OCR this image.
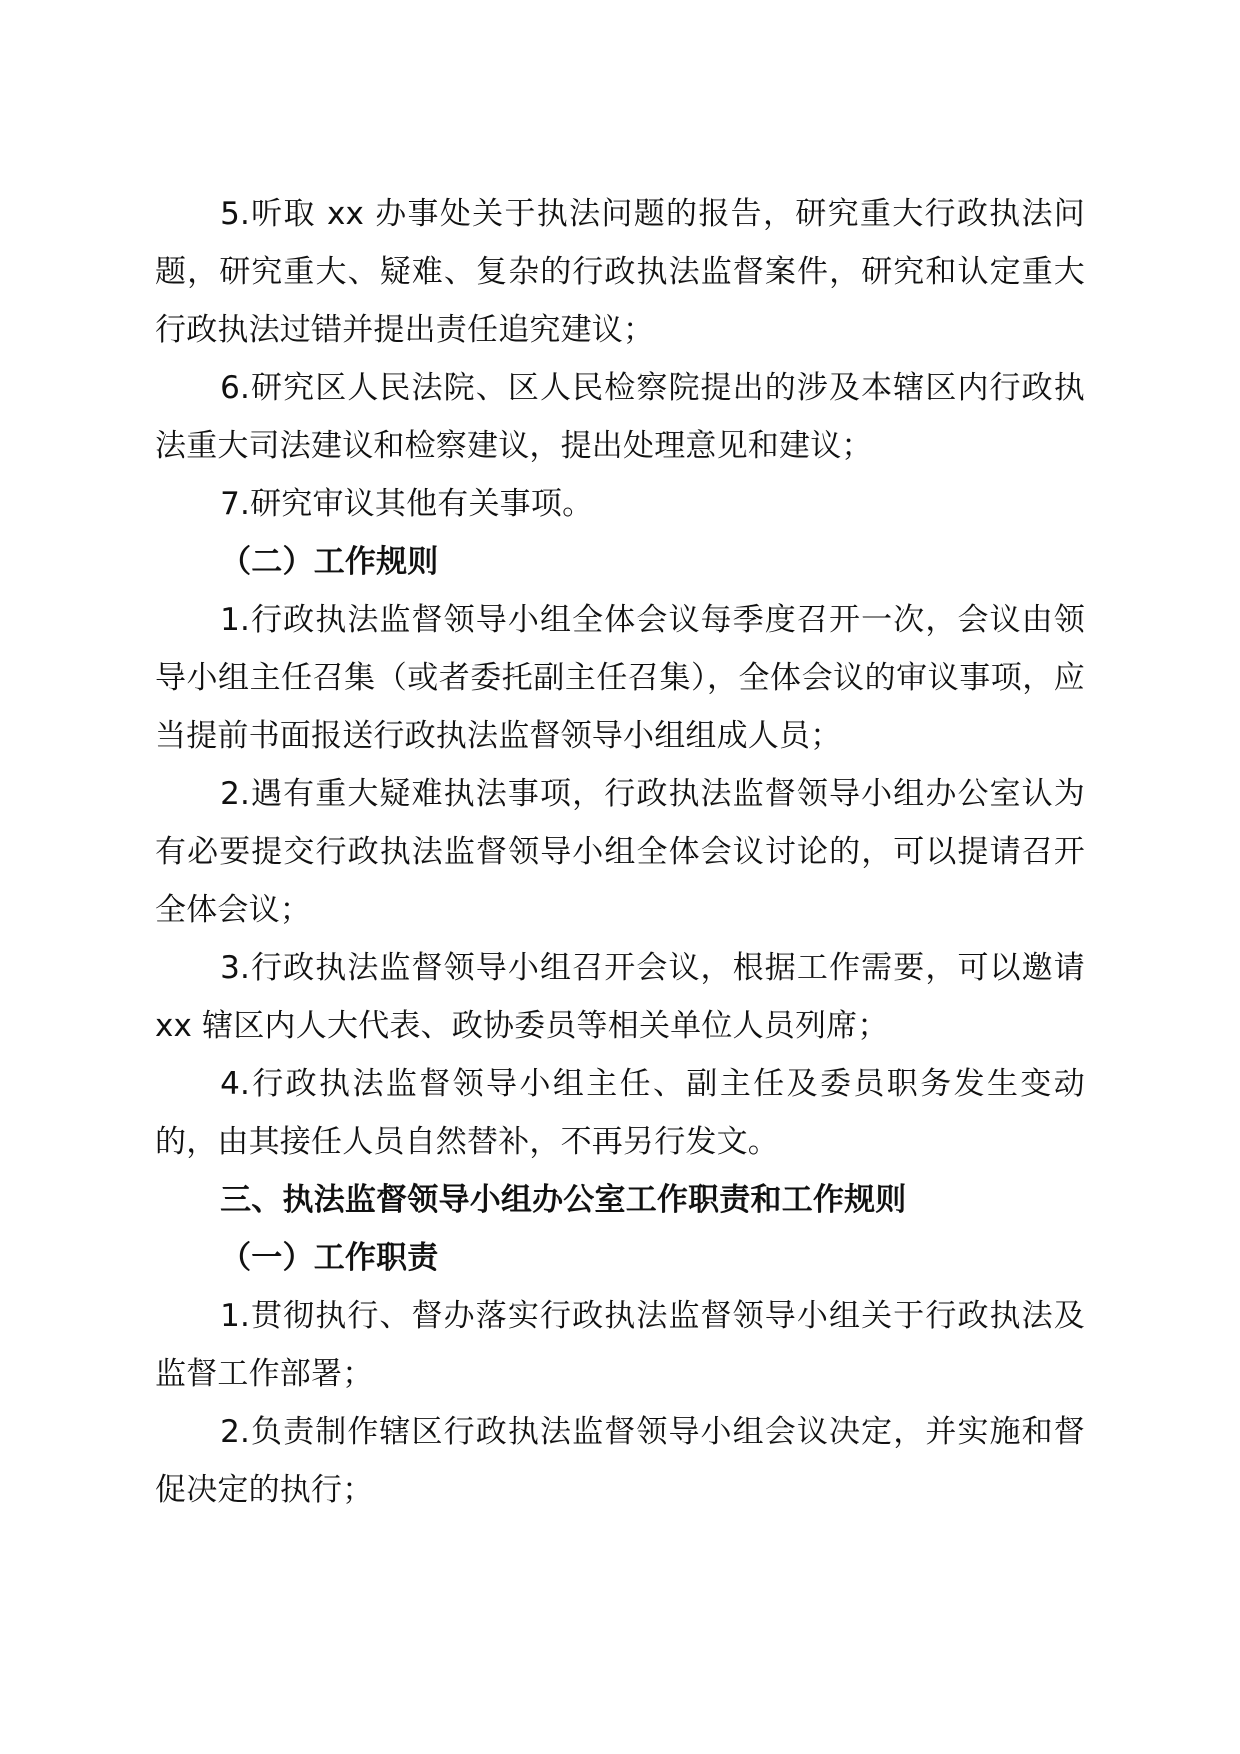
5.听取 xx 办事处关于执法问题的报告，研究重大行政执法问题，研究重大、疑难、复杂的行政执法监督案件，研究和认定重大行政执法过错并提出责任追究建议；

6.研究区人民法院、区人民检察院提出的涉及本辖区内行政执法重大司法建议和检察建议，提出处理意见和建议；

7.研究审议其他有关事项。

（二）工作规则

1.行政执法监督领导小组全体会议每季度召开一次，会议由领导小组主任召集（或者委托副主任召集），全体会议的审议事项，应当提前书面报送行政执法监督领导小组组成人员；

2.遇有重大疑难执法事项，行政执法监督领导小组办公室认为有必要提交行政执法监督领导小组全体会议讨论的，可以提请召开全体会议；

3.行政执法监督领导小组召开会议，根据工作需要，可以邀请 xx 辖区内人大代表、政协委员等相关单位人员列席；

4.行政执法监督领导小组主任、副主任及委员职务发生变动的，由其接任人员自然替补，不再另行发文。

三、执法监督领导小组办公室工作职责和工作规则

（一）工作职责

1.贯彻执行、督办落实行政执法监督领导小组关于行政执法及监督工作部署；

2.负责制作辖区行政执法监督领导小组会议决定，并实施和督促决定的执行；
